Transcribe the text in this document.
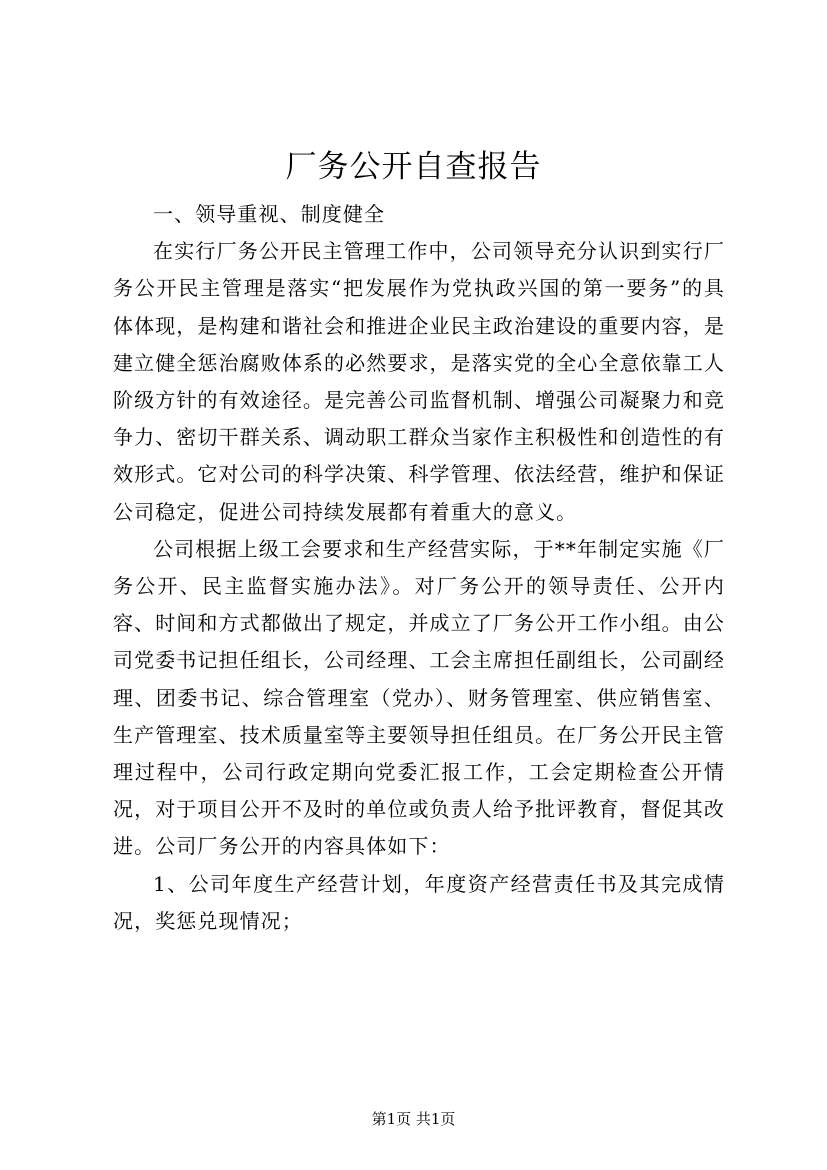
厂务公开自查报告

一、领导重视、制度健全

在实行厂务公开民主管理工作中，公司领导充分认识到实行厂务公开民主管理是落实“把发展作为党执政兴国的第一要务”的具体体现，是构建和谐社会和推进企业民主政治建设的重要内容，是建立健全惩治腐败体系的必然要求，是落实党的全心全意依靠工人阶级方针的有效途径。是完善公司监督机制、增强公司凝聚力和竞争力、密切干群关系、调动职工群众当家作主积极性和创造性的有效形式。它对公司的科学决策、科学管理、依法经营，维护和保证公司稳定，促进公司持续发展都有着重大的意义。

公司根据上级工会要求和生产经营实际，于**年制定实施《厂务公开、民主监督实施办法》。对厂务公开的领导责任、公开内容、时间和方式都做出了规定，并成立了厂务公开工作小组。由公司党委书记担任组长，公司经理、工会主席担任副组长，公司副经理、团委书记、综合管理室（党办）、财务管理室、供应销售室、生产管理室、技术质量室等主要领导担任组员。在厂务公开民主管理过程中，公司行政定期向党委汇报工作，工会定期检查公开情况，对于项目公开不及时的单位或负责人给予批评教育，督促其改进。公司厂务公开的内容具体如下：

1、公司年度生产经营计划，年度资产经营责任书及其完成情况，奖惩兑现情况；

第1页 共1页
